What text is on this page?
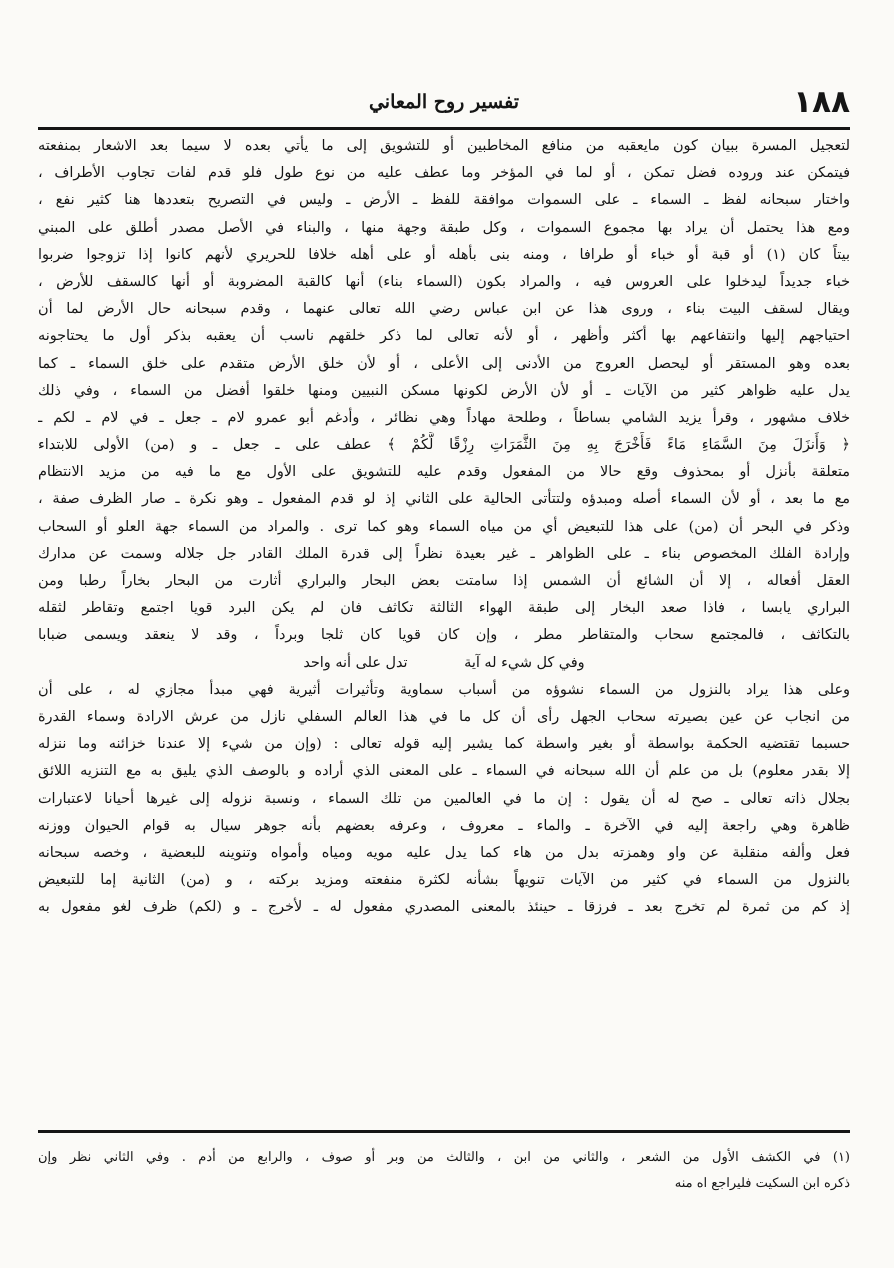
١٨٨
تفسير روح المعاني
لتعجيل المسرة ببيان كون مايعقبه من منافع المخاطبين أو للتشويق إلى ما يأتي بعده لا سيما بعد الاشعار بمنفعته
فيتمكن عند وروده فضل تمكن ، أو لما في المؤخر وما عطف عليه من نوع طول فلو قدم لفات تجاوب الأطراف ،
واختار سبحانه لفظ ـ السماء ـ على السموات موافقة للفظ ـ الأرض ـ وليس في التصريح بتعددها هنا كثير نفع ،
ومع هذا يحتمل أن يراد بها مجموع السموات ، وكل طبقة وجهة منها ، والبناء في الأصل مصدر أطلق على المبني
بيتاً كان (١) أو قبة أو خباء أو طرافا ، ومنه بنى بأهله أو على أهله خلافا للحريري لأنهم كانوا إذا تزوجوا ضربوا
خباء جديداً ليدخلوا على العروس فيه ، والمراد بكون (السماء بناء) أنها كالقبة المضروبة أو أنها كالسقف للأرض ،
ويقال لسقف البيت بناء ، وروى هذا عن ابن عباس رضي الله تعالى عنهما ، وقدم سبحانه حال الأرض لما أن
احتياجهم إليها وانتفاعهم بها أكثر وأظهر ، أو لأنه تعالى لما ذكر خلقهم ناسب أن يعقبه بذكر أول ما يحتاجونه
بعده وهو المستقر أو ليحصل العروج من الأدنى إلى الأعلى ، أو لأن خلق الأرض متقدم على خلق السماء ـ كما
يدل عليه ظواهر كثير من الآيات ـ أو لأن الأرض لكونها مسكن النبيين ومنها خلقوا أفضل من السماء ، وفي ذلك
خلاف مشهور ، وقرأ يزيد الشامي بساطاً ، وطلحة مهاداً وهي نظائر ، وأدغم أبو عمرو لام ـ جعل ـ في لام ـ لكم ـ
﴿ وَأَنزَلَ مِنَ السَّمَاءِ مَاءً فَأَخْرَجَ بِهِ مِنَ الثَّمَرَاتِ رِزْقًا لَّكُمْ ﴾ عطف على ـ جعل ـ و (من) الأولى للابتداء
متعلقة بأنزل أو بمحذوف وقع حالا من المفعول وقدم عليه للتشويق على الأول مع ما فيه من مزيد الانتظام
مع ما بعد ، أو لأن السماء أصله ومبدؤه ولتتأتى الحالية على الثاني إذ لو قدم المفعول ـ وهو نكرة ـ صار الظرف صفة ،
وذكر في البحر أن (من) على هذا للتبعيض أي من مياه السماء وهو كما ترى . والمراد من السماء جهة العلو أو السحاب
وإرادة الفلك المخصوص بناء ـ على الظواهر ـ غير بعيدة نظراً إلى قدرة الملك القادر جل جلاله وسمت عن مدارك
العقل أفعاله ، إلا أن الشائع أن الشمس إذا سامتت بعض البحار والبراري أثارت من البحار بخاراً رطبا ومن
البراري يابسا ، فاذا صعد البخار إلى طبقة الهواء الثالثة تكاثف فان لم يكن البرد قويا اجتمع وتقاطر لثقله
بالتكاثف ، فالمجتمع سحاب والمتقاطر مطر ، وإن كان قويا كان ثلجا وبرداً ، وقد لا ينعقد ويسمى ضبابا
وفي كل شيء له آية تدل على أنه واحد
وعلى هذا يراد بالنزول من السماء نشوؤه من أسباب سماوية وتأثيرات أثيرية فهي مبدأ مجازي له ، على أن
من انجاب عن عين بصيرته سحاب الجهل رأى أن كل ما في هذا العالم السفلي نازل من عرش الارادة وسماء القدرة
حسبما تقتضيه الحكمة بواسطة أو بغير واسطة كما يشير إليه قوله تعالى : (وإن من شيء إلا عندنا خزائنه وما ننزله
إلا بقدر معلوم) بل من علم أن الله سبحانه في السماء ـ على المعنى الذي أراده و بالوصف الذي يليق به مع التنزيه اللائق
بجلال ذاته تعالى ـ صح له أن يقول : إن ما في العالمين من تلك السماء ، ونسبة نزوله إلى غيرها أحيانا لاعتبارات
ظاهرة وهي راجعة إليه في الآخرة ـ والماء ـ معروف ، وعرفه بعضهم بأنه جوهر سيال به قوام الحيوان ووزنه
فعل وألفه منقلبة عن واو وهمزته بدل من هاء كما يدل عليه مويه ومياه وأمواه وتنوينه للبعضية ، وخصه سبحانه
بالنزول من السماء في كثير من الآيات تنويهاً بشأنه لكثرة منفعته ومزيد بركته ، و (من) الثانية إما للتبعيض
إذ كم من ثمرة لم تخرج بعد ـ فرزقا ـ حينئذ بالمعنى المصدري مفعول له ـ لأخرج ـ و (لكم) ظرف لغو مفعول به
(١) في الكشف الأول من الشعر ، والثاني من ابن ، والثالث من وبر أو صوف ، والرابع من أدم . وفي الثاني نظر وإن
ذكره ابن السكيت فليراجع اه منه
